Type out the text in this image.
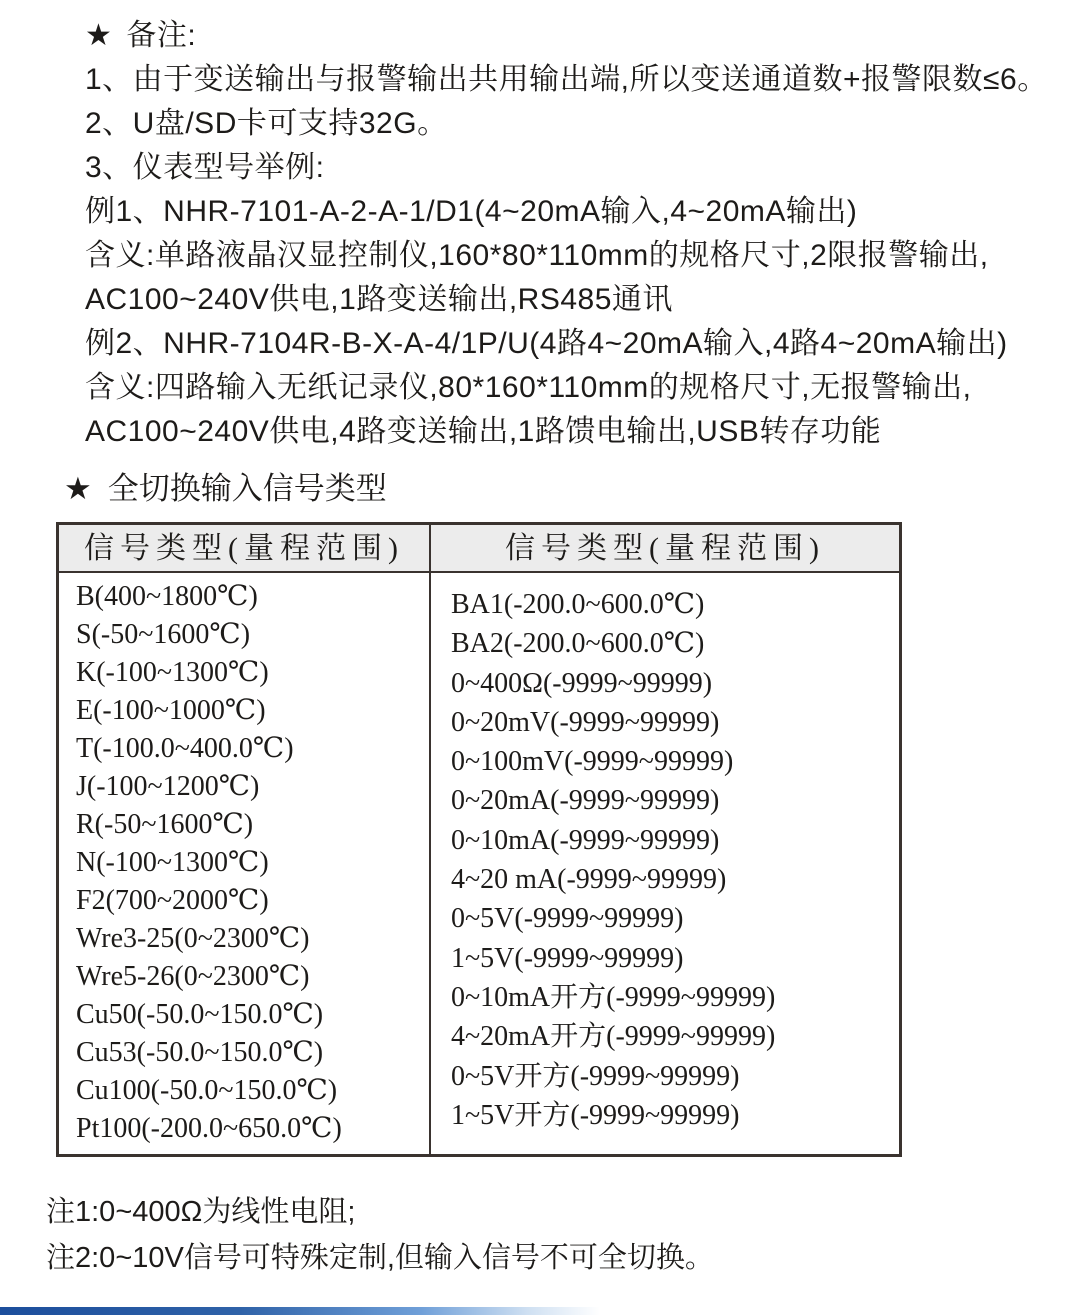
★ 备注:
1、由于变送输出与报警输出共用输出端,所以变送通道数+报警限数≤6。
2、U盘/SD卡可支持32G。
3、仪表型号举例:
例1、NHR-7101-A-2-A-1/D1(4~20mA输入,4~20mA输出)
含义:单路液晶汉显控制仪,160*80*110mm的规格尺寸,2限报警输出,
AC100~240V供电,1路变送输出,RS485通讯
例2、NHR-7104R-B-X-A-4/1P/U(4路4~20mA输入,4路4~20mA输出)
含义:四路输入无纸记录仪,80*160*110mm的规格尺寸,无报警输出,
AC100~240V供电,4路变送输出,1路馈电输出,USB转存功能
★ 全切换输入信号类型
信号类型(量程范围)	信号类型(量程范围)
B(400~1800℃)
S(-50~1600℃)
K(-100~1300℃)
E(-100~1000℃)
T(-100.0~400.0℃)
J(-100~1200℃)
R(-50~1600℃)
N(-100~1300℃)
F2(700~2000℃)
Wre3-25(0~2300℃)
Wre5-26(0~2300℃)
Cu50(-50.0~150.0℃)
Cu53(-50.0~150.0℃)
Cu100(-50.0~150.0℃)
Pt100(-200.0~650.0℃)
BA1(-200.0~600.0℃)
BA2(-200.0~600.0℃)
0~400Ω(-9999~99999)
0~20mV(-9999~99999)
0~100mV(-9999~99999)
0~20mA(-9999~99999)
0~10mA(-9999~99999)
4~20 mA(-9999~99999)
0~5V(-9999~99999)
1~5V(-9999~99999)
0~10mA开方(-9999~99999)
4~20mA开方(-9999~99999)
0~5V开方(-9999~99999)
1~5V开方(-9999~99999)
注1:0~400Ω为线性电阻;
注2:0~10V信号可特殊定制,但输入信号不可全切换。
